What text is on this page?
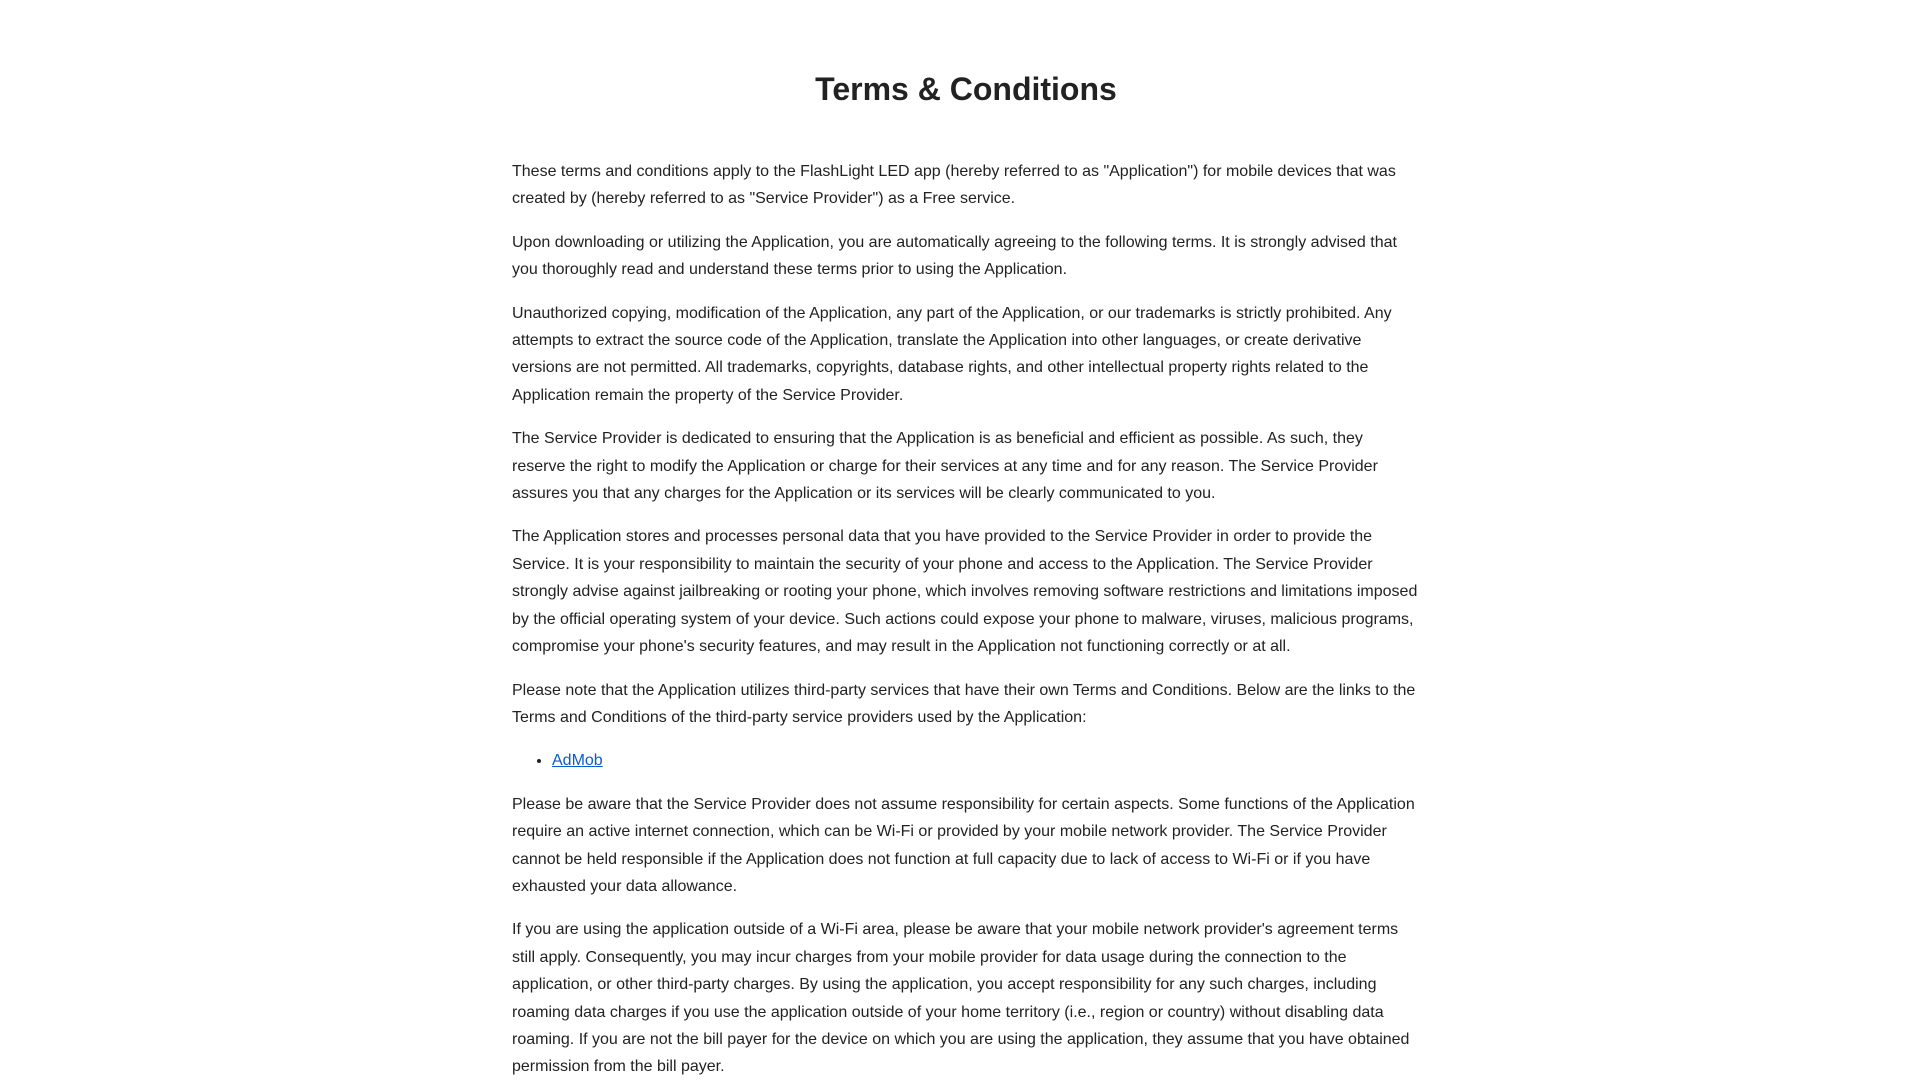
Terms & Conditions

These terms and conditions apply to the FlashLight LED app (hereby referred to as "Application") for mobile devices that was created by (hereby referred to as "Service Provider") as a Free service.

Upon downloading or utilizing the Application, you are automatically agreeing to the following terms. It is strongly advised that you thoroughly read and understand these terms prior to using the Application.

Unauthorized copying, modification of the Application, any part of the Application, or our trademarks is strictly prohibited. Any attempts to extract the source code of the Application, translate the Application into other languages, or create derivative versions are not permitted. All trademarks, copyrights, database rights, and other intellectual property rights related to the Application remain the property of the Service Provider.

The Service Provider is dedicated to ensuring that the Application is as beneficial and efficient as possible. As such, they reserve the right to modify the Application or charge for their services at any time and for any reason. The Service Provider assures you that any charges for the Application or its services will be clearly communicated to you.

The Application stores and processes personal data that you have provided to the Service Provider in order to provide the Service. It is your responsibility to maintain the security of your phone and access to the Application. The Service Provider strongly advise against jailbreaking or rooting your phone, which involves removing software restrictions and limitations imposed by the official operating system of your device. Such actions could expose your phone to malware, viruses, malicious programs, compromise your phone's security features, and may result in the Application not functioning correctly or at all.

Please note that the Application utilizes third-party services that have their own Terms and Conditions. Below are the links to the Terms and Conditions of the third-party service providers used by the Application:

• AdMob

Please be aware that the Service Provider does not assume responsibility for certain aspects. Some functions of the Application require an active internet connection, which can be Wi-Fi or provided by your mobile network provider. The Service Provider cannot be held responsible if the Application does not function at full capacity due to lack of access to Wi-Fi or if you have exhausted your data allowance.

If you are using the application outside of a Wi-Fi area, please be aware that your mobile network provider's agreement terms still apply. Consequently, you may incur charges from your mobile provider for data usage during the connection to the application, or other third-party charges. By using the application, you accept responsibility for any such charges, including roaming data charges if you use the application outside of your home territory (i.e., region or country) without disabling data roaming. If you are not the bill payer for the device on which you are using the application, they assume that you have obtained permission from the bill payer.
